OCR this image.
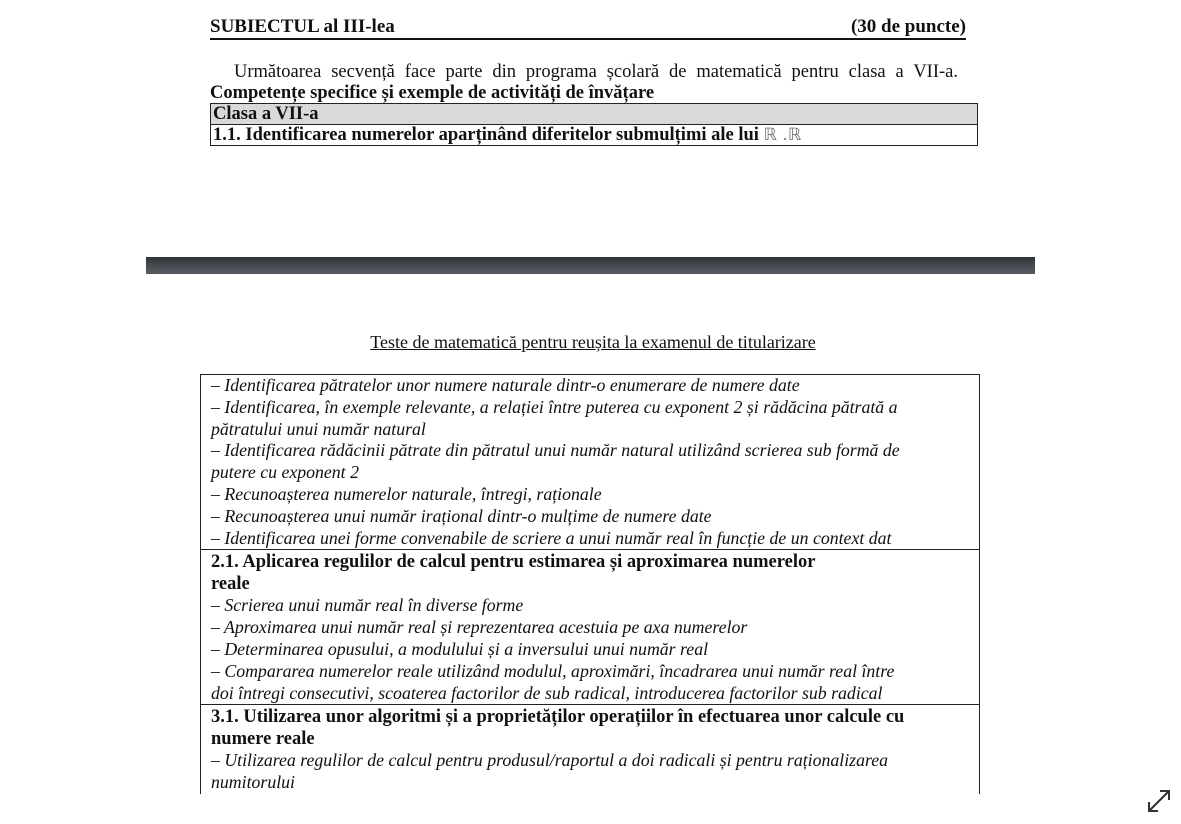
SUBIECTUL al III-lea	(30 de puncte)
Următoarea secvență face parte din programa școlară de matematică pentru clasa a VII-a.
Competențe specifice și exemple de activități de învățare
Clasa a VII-a
1.1. Identificarea numerelor aparținând diferitelor submulțimi ale lui ℝ .ℝ
Teste de matematică pentru reușita la examenul de titularizare
– Identificarea pătratelor unor numere naturale dintr-o enumerare de numere date
– Identificarea, în exemple relevante, a relației între puterea cu exponent 2 și rădăcina pătrată a
pătratului unui număr natural
– Identificarea rădăcinii pătrate din pătratul unui număr natural utilizând scrierea sub formă de
putere cu exponent 2
– Recunoașterea numerelor naturale, întregi, raționale
– Recunoașterea unui număr irațional dintr-o mulțime de numere date
– Identificarea unei forme convenabile de scriere a unui număr real în funcție de un context dat

2.1. Aplicarea regulilor de calcul pentru estimarea și aproximarea numerelor
reale
– Scrierea unui număr real în diverse forme
– Aproximarea unui număr real și reprezentarea acestuia pe axa numerelor
– Determinarea opusului, a modulului și a inversului unui număr real
– Compararea numerelor reale utilizând modulul, aproximări, încadrarea unui număr real între
doi întregi consecutivi, scoaterea factorilor de sub radical, introducerea factorilor sub radical

3.1. Utilizarea unor algoritmi și a proprietăților operațiilor în efectuarea unor calcule cu
numere reale
– Utilizarea regulilor de calcul pentru produsul/raportul a doi radicali și pentru raționalizarea
numitorului
